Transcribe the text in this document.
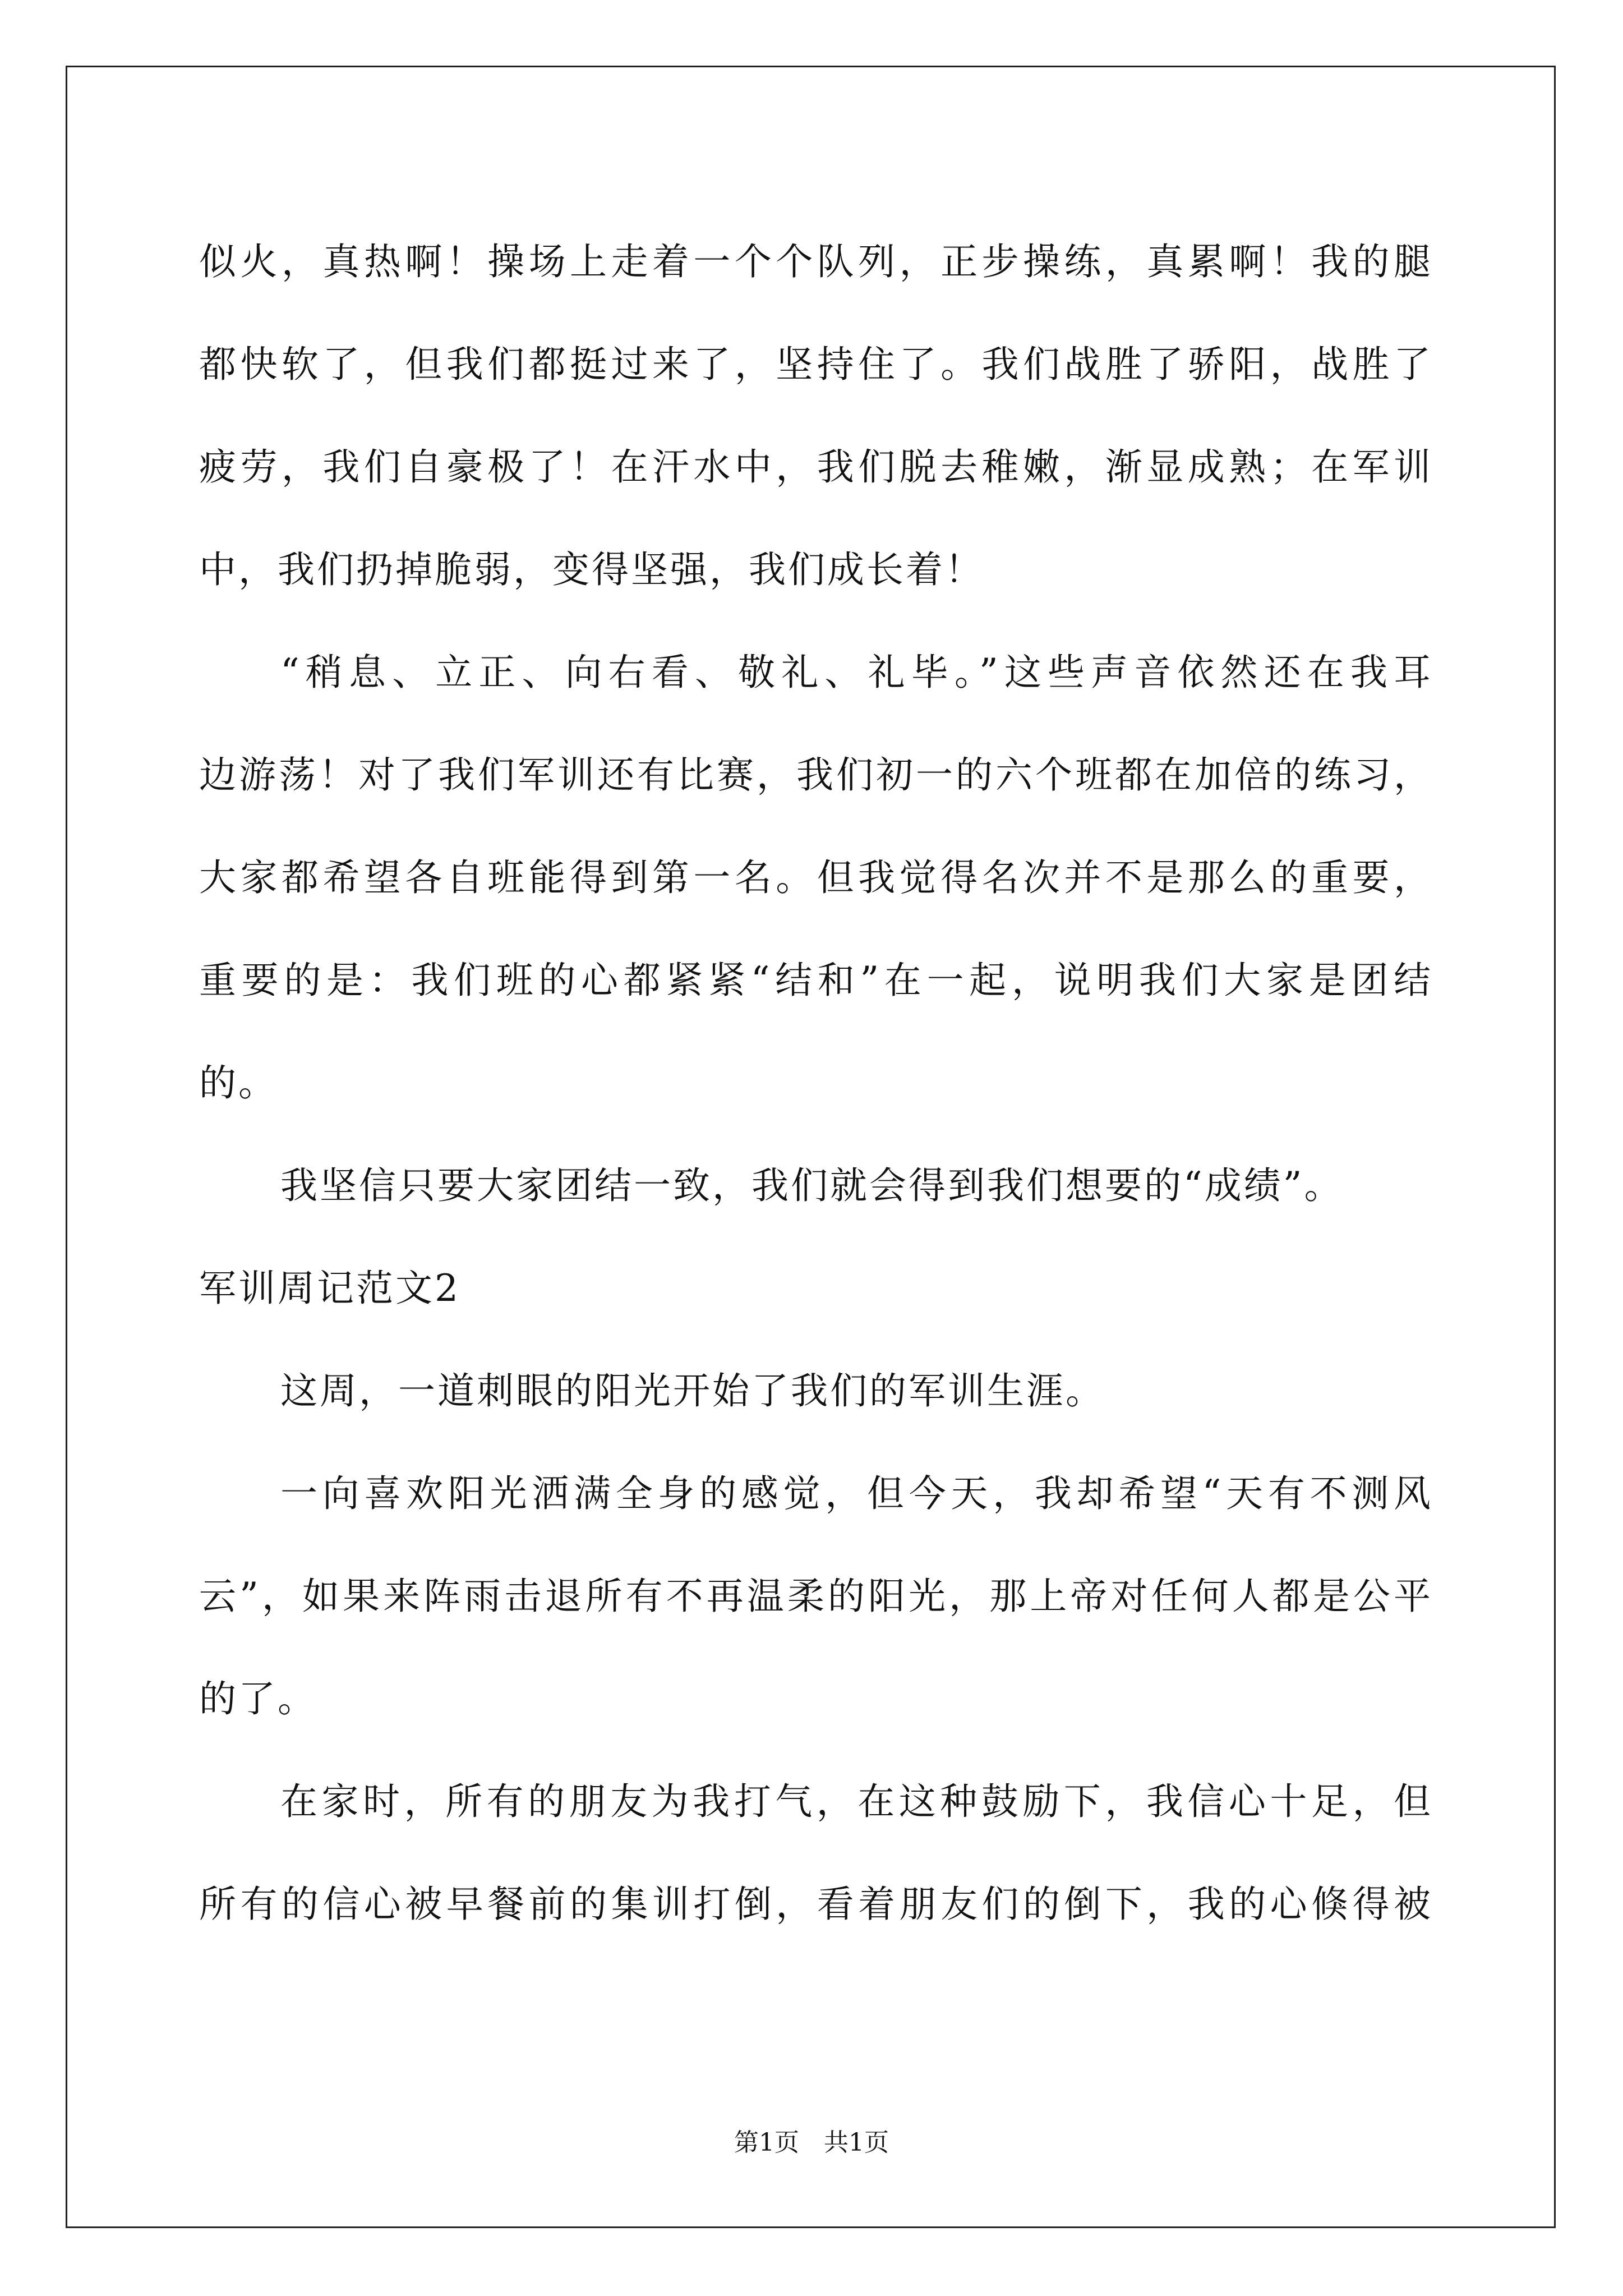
似火，真热啊！操场上走着一个个队列，正步操练，真累啊！我的腿
都快软了，但我们都挺过来了，坚持住了。我们战胜了骄阳，战胜了
疲劳，我们自豪极了！在汗水中，我们脱去稚嫩，渐显成熟；在军训
中，我们扔掉脆弱，变得坚强，我们成长着！
“稍息、立正、向右看、敬礼、礼毕。”这些声音依然还在我耳
边游荡！对了我们军训还有比赛，我们初一的六个班都在加倍的练习，
大家都希望各自班能得到第一名。但我觉得名次并不是那么的重要，
重要的是：我们班的心都紧紧“结和”在一起，说明我们大家是团结
的。
我坚信只要大家团结一致，我们就会得到我们想要的“成绩”。
军训周记范文2
这周，一道刺眼的阳光开始了我们的军训生涯。
一向喜欢阳光洒满全身的感觉，但今天，我却希望“天有不测风
云”，如果来阵雨击退所有不再温柔的阳光，那上帝对任何人都是公平
的了。
在家时，所有的朋友为我打气，在这种鼓励下，我信心十足，但
所有的信心被早餐前的集训打倒，看着朋友们的倒下，我的心倏得被
第1页　共1页
